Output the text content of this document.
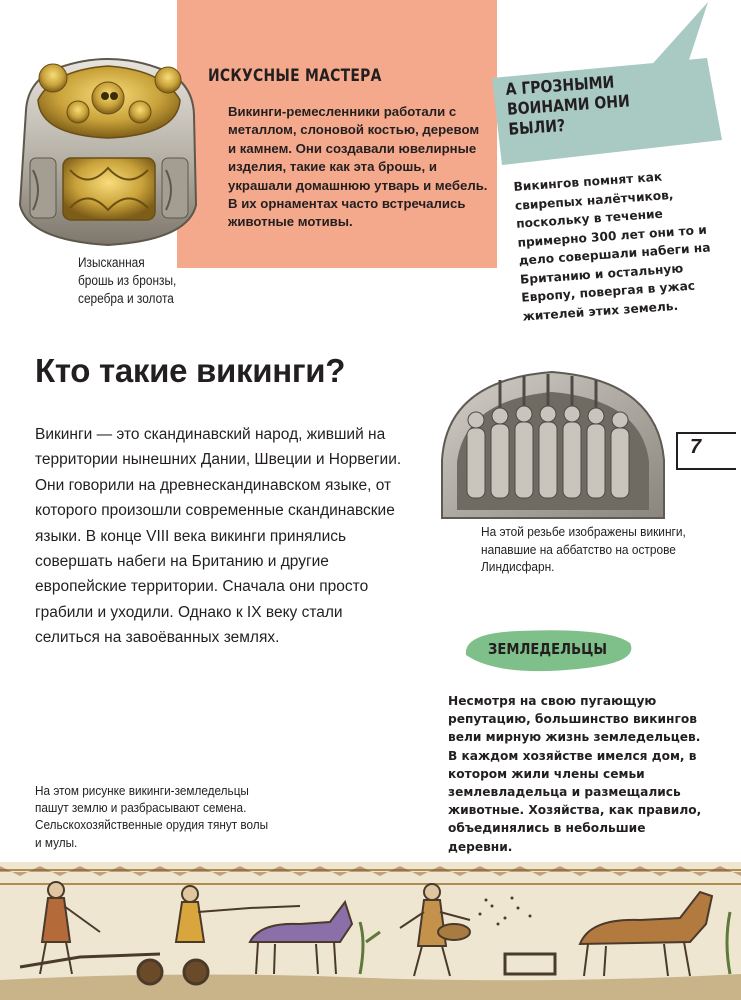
ИСКУСНЫЕ МАСТЕРА
Викинги-ремесленники работали с металлом, слоновой костью, деревом и камнем. Они создавали ювелирные изделия, такие как эта брошь, и украшали домашнюю утварь и мебель. В их орнаментах часто встречались животные мотивы.
Изысканная
брошь из бронзы,
серебра и золота
А ГРОЗНЫМИ
ВОИНАМИ ОНИ
БЫЛИ?
Викингов помнят как свирепых налётчиков, поскольку в течение примерно 300 лет они то и дело совершали набеги на Британию и остальную Европу, повергая в ужас жителей этих земель.
Кто такие викинги?
Викинги — это скандинавский народ, живший на территории нынешних Дании, Швеции и Норвегии. Они говорили на древнескандинавском языке, от которого произошли современные скандинавские языки. В конце VIII века викинги принялись совершать набеги на Британию и другие европейские территории. Сначала они просто грабили и уходили. Однако к IX веку стали селиться на завоёванных землях.
На этой резьбе изображены викинги, напавшие на аббатство на острове Линдисфарн.
7
ЗЕМЛЕДЕЛЬЦЫ
Несмотря на свою пугающую репутацию, большинство викингов вели мирную жизнь земледельцев. В каждом хозяйстве имелся дом, в котором жили члены семьи землевладельца и размещались животные. Хозяйства, как правило, объединялись в небольшие деревни.
На этом рисунке викинги-земледельцы пашут землю и разбрасывают семена. Сельскохозяйственные орудия тянут волы и мулы.
